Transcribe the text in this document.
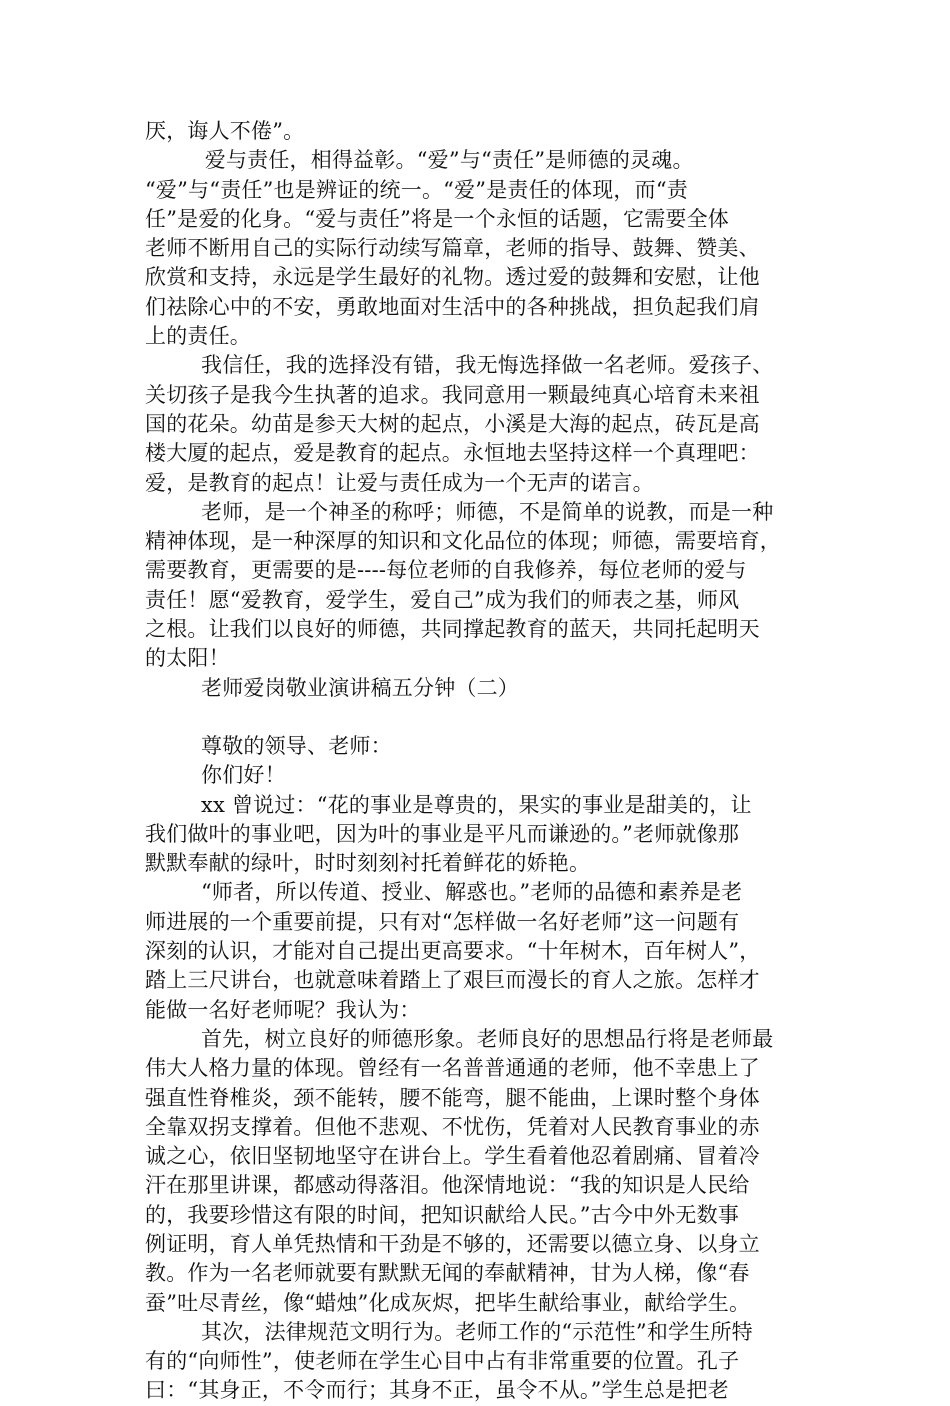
厌，诲人不倦”。
爱与责任，相得益彰。“爱”与“责任”是师德的灵魂。
“爱”与“责任”也是辨证的统一。“爱”是责任的体现，而“责
任”是爱的化身。“爱与责任”将是一个永恒的话题，它需要全体
老师不断用自己的实际行动续写篇章，老师的指导、鼓舞、赞美、
欣赏和支持，永远是学生最好的礼物。透过爱的鼓舞和安慰，让他
们祛除心中的不安，勇敢地面对生活中的各种挑战，担负起我们肩
上的责任。
我信任，我的选择没有错，我无悔选择做一名老师。爱孩子、
关切孩子是我今生执著的追求。我同意用一颗最纯真心培育未来祖
国的花朵。幼苗是参天大树的起点，小溪是大海的起点，砖瓦是高
楼大厦的起点，爱是教育的起点。永恒地去坚持这样一个真理吧：
爱，是教育的起点！让爱与责任成为一个无声的诺言。
老师，是一个神圣的称呼；师德，不是简单的说教，而是一种
精神体现，是一种深厚的知识和文化品位的体现；师德，需要培育，
需要教育，更需要的是----每位老师的自我修养，每位老师的爱与
责任！愿“爱教育，爱学生，爱自己”成为我们的师表之基，师风
之根。让我们以良好的师德，共同撑起教育的蓝天，共同托起明天
的太阳！
老师爱岗敬业演讲稿五分钟（二）
尊敬的领导、老师：
你们好！
xx 曾说过：“花的事业是尊贵的，果实的事业是甜美的，让
我们做叶的事业吧，因为叶的事业是平凡而谦逊的。”老师就像那
默默奉献的绿叶，时时刻刻衬托着鲜花的娇艳。
“师者，所以传道、授业、解惑也。”老师的品德和素养是老
师进展的一个重要前提，只有对“怎样做一名好老师”这一问题有
深刻的认识，才能对自己提出更高要求。“十年树木，百年树人”，
踏上三尺讲台，也就意味着踏上了艰巨而漫长的育人之旅。怎样才
能做一名好老师呢？我认为：
首先，树立良好的师德形象。老师良好的思想品行将是老师最
伟大人格力量的体现。曾经有一名普普通通的老师，他不幸患上了
强直性脊椎炎，颈不能转，腰不能弯，腿不能曲，上课时整个身体
全靠双拐支撑着。但他不悲观、不忧伤，凭着对人民教育事业的赤
诚之心，依旧坚韧地坚守在讲台上。学生看着他忍着剧痛、冒着冷
汗在那里讲课，都感动得落泪。他深情地说：“我的知识是人民给
的，我要珍惜这有限的时间，把知识献给人民。”古今中外无数事
例证明，育人单凭热情和干劲是不够的，还需要以德立身、以身立
教。作为一名老师就要有默默无闻的奉献精神，甘为人梯，像“春
蚕”吐尽青丝，像“蜡烛”化成灰烬，把毕生献给事业，献给学生。
其次，法律规范文明行为。老师工作的“示范性”和学生所特
有的“向师性”，使老师在学生心目中占有非常重要的位置。孔子
曰：“其身正，不令而行；其身不正，虽令不从。”学生总是把老
